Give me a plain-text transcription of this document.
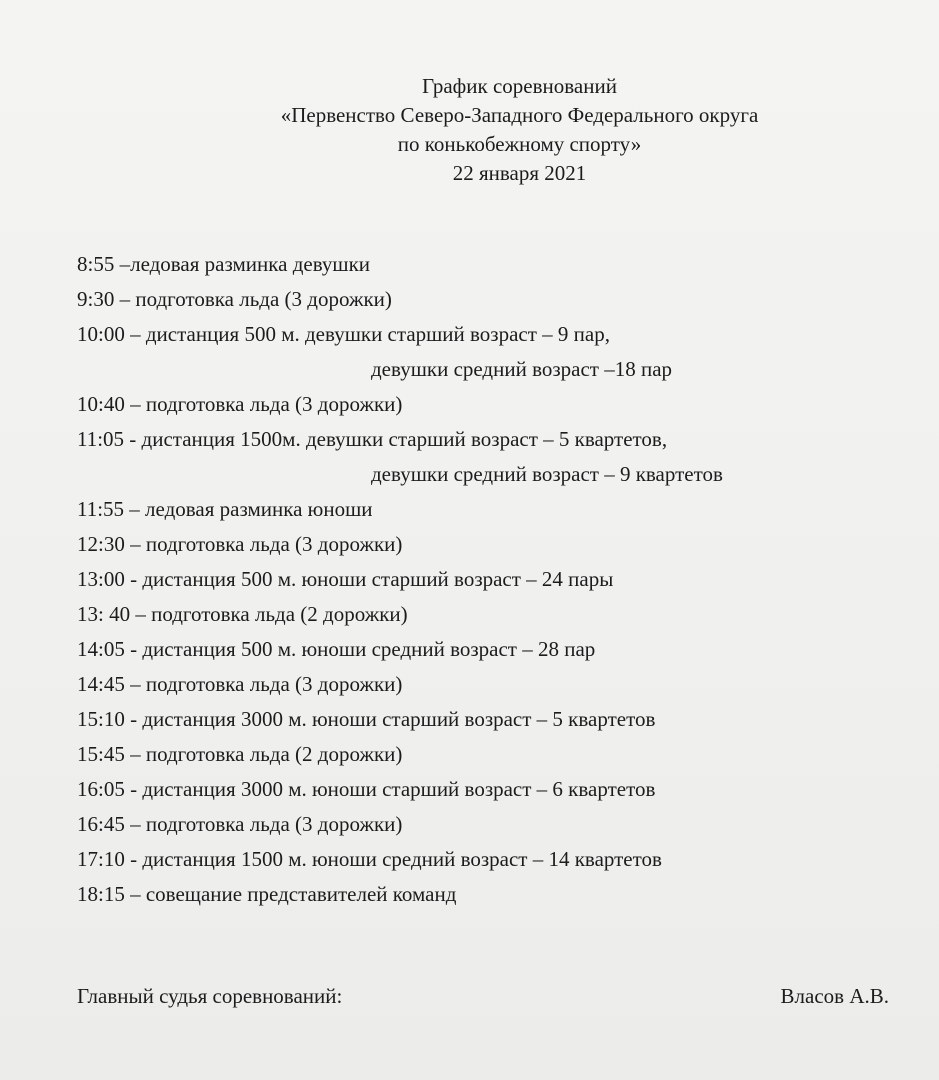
График соревнований
«Первенство Северо-Западного Федерального округа
по конькобежному спорту»
22 января 2021
8:55 –ледовая разминка девушки
9:30 – подготовка льда (3 дорожки)
10:00 – дистанция 500 м. девушки старший возраст – 9 пар,
девушки средний возраст –18 пар
10:40 – подготовка льда (3 дорожки)
11:05 - дистанция 1500м. девушки старший возраст – 5 квартетов,
девушки средний возраст – 9 квартетов
11:55 – ледовая разминка юноши
12:30 – подготовка льда (3 дорожки)
13:00 - дистанция 500 м. юноши старший возраст – 24 пары
13: 40 – подготовка льда (2 дорожки)
14:05 - дистанция 500 м. юноши средний возраст – 28 пар
14:45 – подготовка льда (3 дорожки)
15:10 - дистанция 3000 м. юноши старший возраст – 5 квартетов
15:45 – подготовка льда (2 дорожки)
16:05 - дистанция 3000 м. юноши старший возраст – 6 квартетов
16:45 – подготовка льда (3 дорожки)
17:10 - дистанция 1500 м. юноши средний возраст – 14 квартетов
18:15 – совещание представителей команд
Главный судья соревнований:	Власов А.В.
